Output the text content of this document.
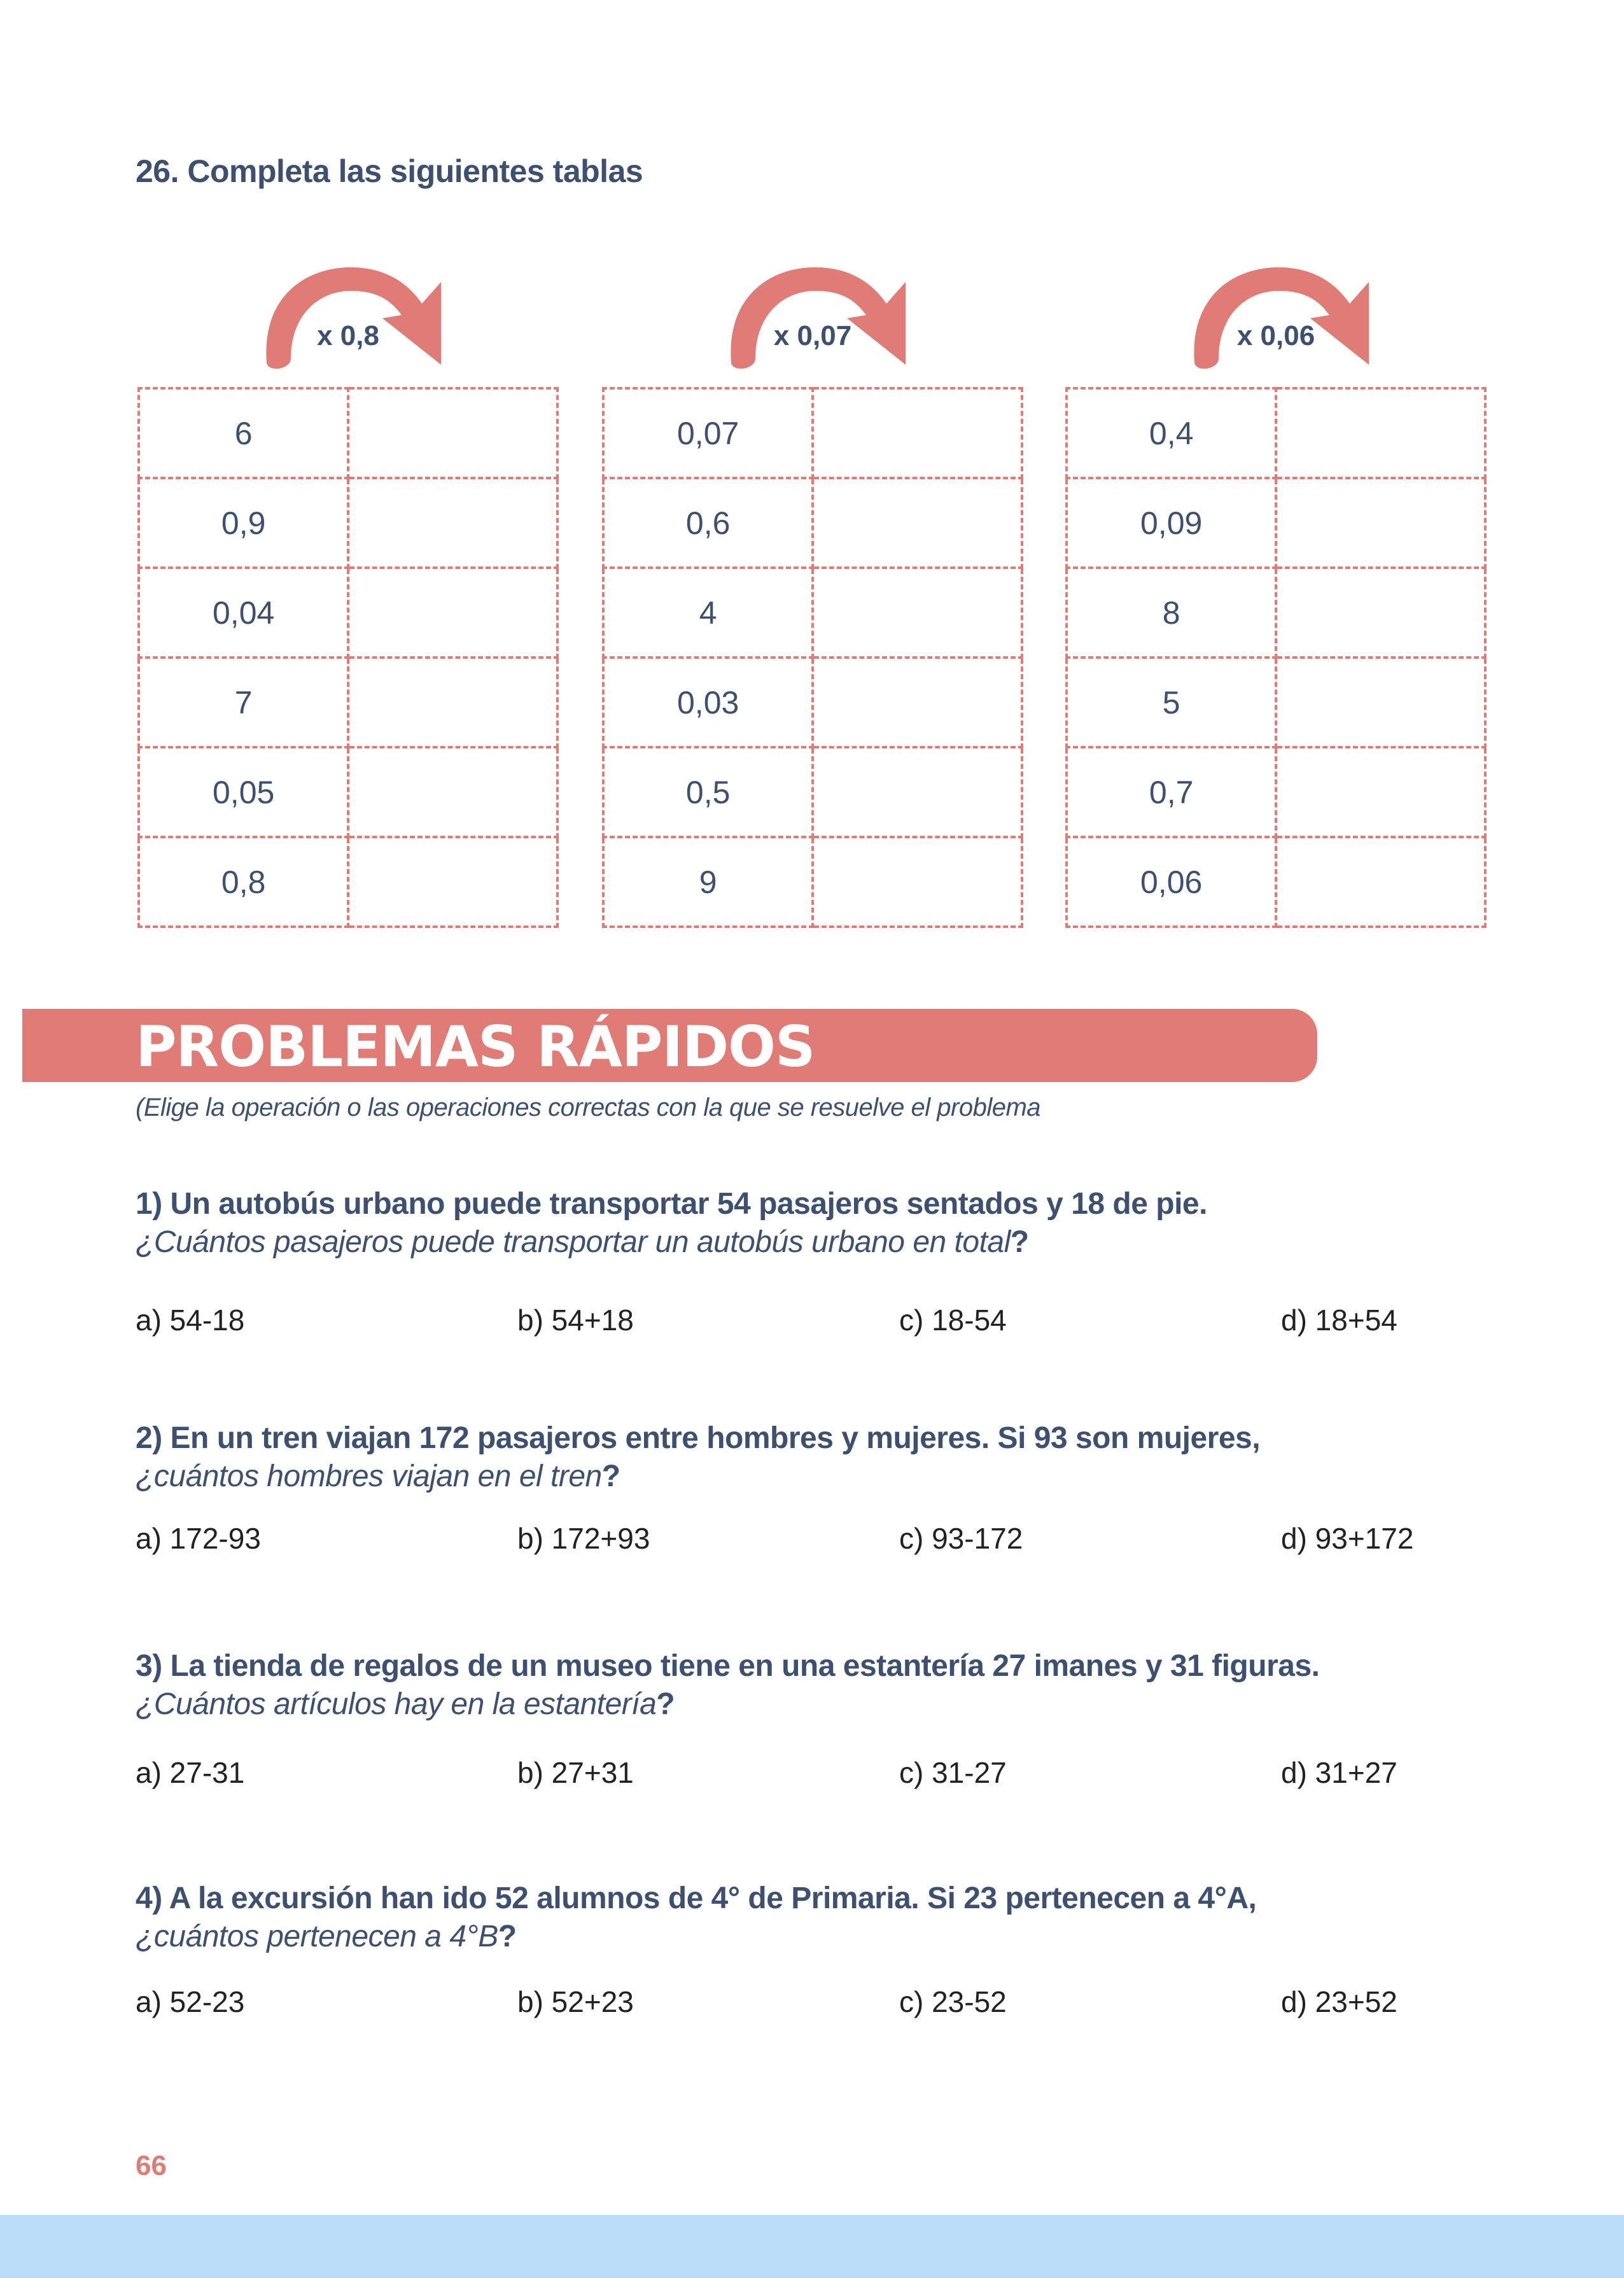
26. Completa las siguientes tablas
x 0,8
6	
0,9	
0,04	
7	
0,05	
0,8	
x 0,07
0,07	
0,6	
4	
0,03	
0,5	
9	
x 0,06
0,4	
0,09	
8	
5	
0,7	
0,06	
PROBLEMAS RÁPIDOS
(Elige la operación o las operaciones correctas con la que se resuelve el problema
1) Un autobús urbano puede transportar 54 pasajeros sentados y 18 de pie.
¿Cuántos pasajeros puede transportar un autobús urbano en total?
a) 54-18	b) 54+18	c) 18-54	d) 18+54
2) En un tren viajan 172 pasajeros entre hombres y mujeres. Si 93 son mujeres,
¿cuántos hombres viajan en el tren?
a) 172-93	b) 172+93	c) 93-172	d) 93+172
3) La tienda de regalos de un museo tiene en una estantería 27 imanes y 31 figuras.
¿Cuántos artículos hay en la estantería?
a) 27-31	b) 27+31	c) 31-27	d) 31+27
4) A la excursión han ido 52 alumnos de 4° de Primaria. Si 23 pertenecen a 4°A,
¿cuántos pertenecen a 4°B?
a) 52-23	b) 52+23	c) 23-52	d) 23+52
66
